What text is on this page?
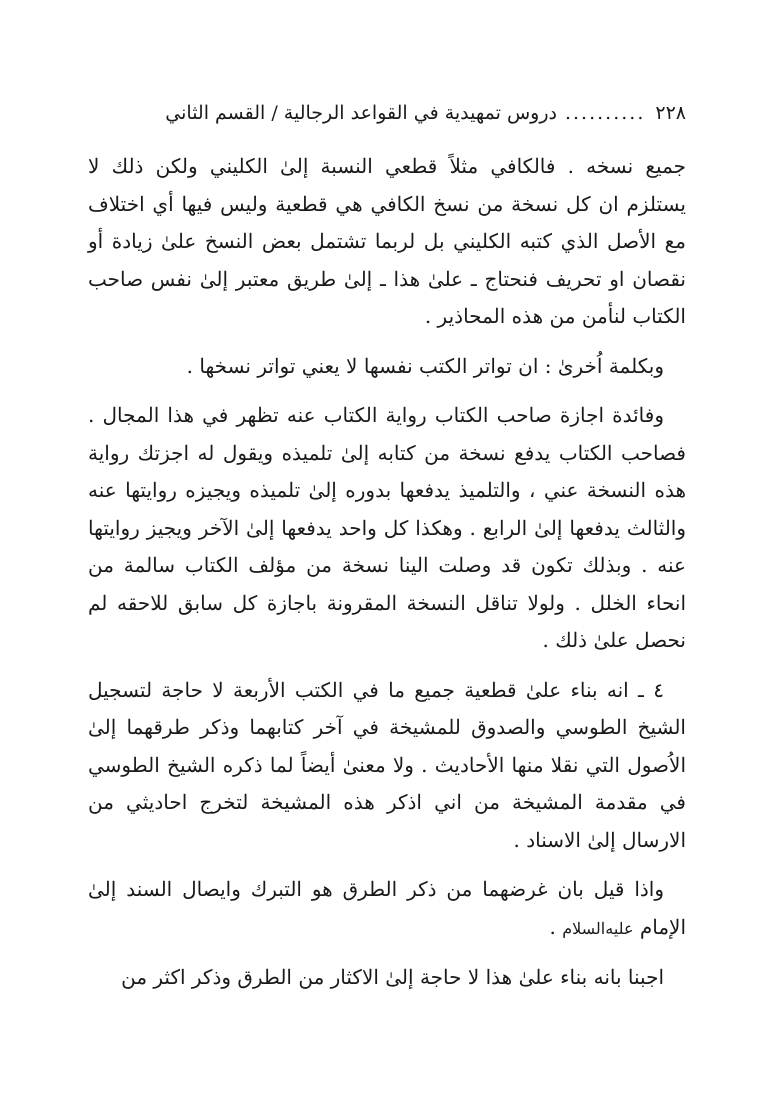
٢٢٨
..........
دروس تمهيدية في القواعد الرجالية / القسم الثاني

جميع نسخه . فالكافي مثلاً قطعي النسبة إلىٰ الكليني ولكن ذلك لا يستلزم ان كل نسخة من نسخ الكافي هي قطعية وليس فيها أي اختلاف مع الأصل الذي كتبه الكليني بل لربما تشتمل بعض النسخ علىٰ زيادة أو نقصان او تحريف فنحتاج ـ علىٰ هذا ـ إلىٰ طريق معتبر إلىٰ نفس صاحب الكتاب لنأمن من هذه المحاذير .

وبكلمة اُخرىٰ : ان تواتر الكتب نفسها لا يعني تواتر نسخها .

وفائدة اجازة صاحب الكتاب رواية الكتاب عنه تظهر في هذا المجال . فصاحب الكتاب يدفع نسخة من كتابه إلىٰ تلميذه ويقول له اجزتك رواية هذه النسخة عني ، والتلميذ يدفعها بدوره إلىٰ تلميذه ويجيزه روايتها عنه والثالث يدفعها إلىٰ الرابع . وهكذا كل واحد يدفعها إلىٰ الآخر ويجيز روايتها عنه . وبذلك تكون قد وصلت الينا نسخة من مؤلف الكتاب سالمة من انحاء الخلل . ولولا تناقل النسخة المقرونة باجازة كل سابق للاحقه لم نحصل علىٰ ذلك .

٤ ـ انه بناء علىٰ قطعية جميع ما في الكتب الأربعة لا حاجة لتسجيل الشيخ الطوسي والصدوق للمشيخة في آخر كتابهما وذكر طرقهما إلىٰ الاُصول التي نقلا منها الأحاديث . ولا معنىٰ أيضاً لما ذكره الشيخ الطوسي في مقدمة المشيخة من اني اذكر هذه المشيخة لتخرج احاديثي من الارسال إلىٰ الاسناد .

واذا قيل بان غرضهما من ذكر الطرق هو التبرك وايصال السند إلىٰ الإمام عليه‌السلام .

اجبنا بانه بناء علىٰ هذا لا حاجة إلىٰ الاكثار من الطرق وذكر اكثر من
